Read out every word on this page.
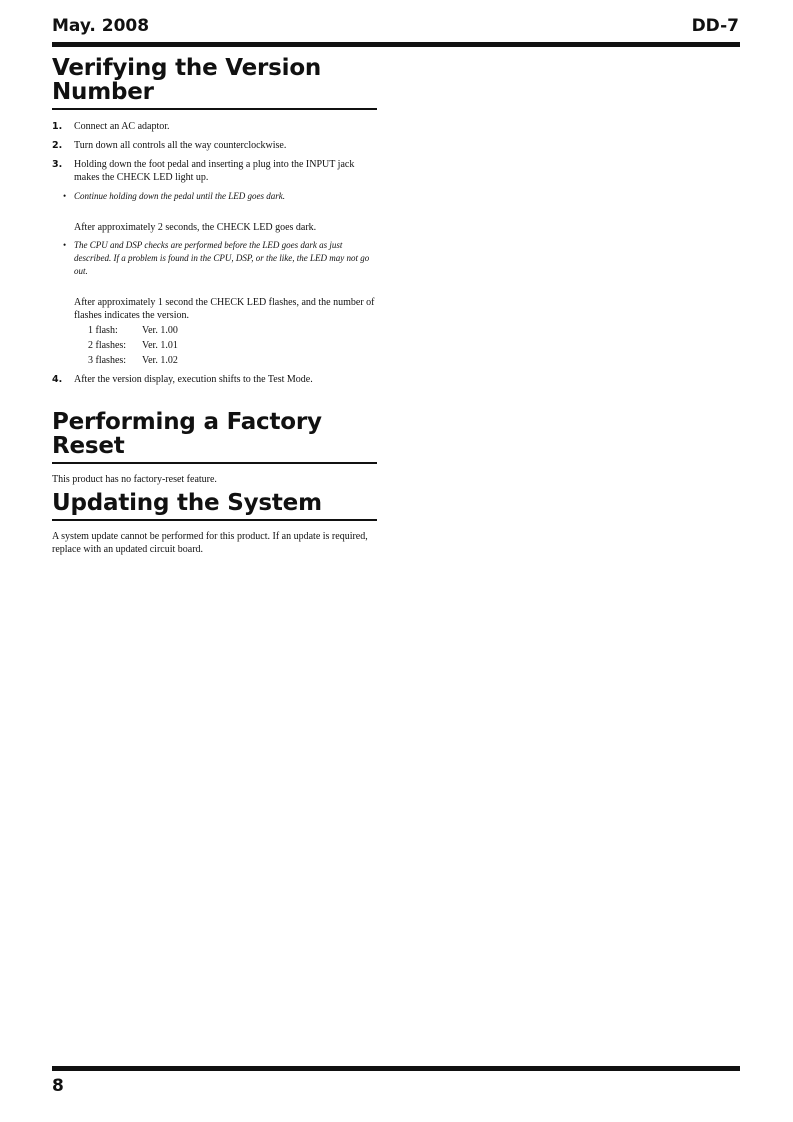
May. 2008	DD-7
Verifying the Version
Number
1. Connect an AC adaptor.
2. Turn down all controls all the way counterclockwise.
3. Holding down the foot pedal and inserting a plug into the INPUT jack makes the CHECK LED light up.
• Continue holding down the pedal until the LED goes dark.
After approximately 2 seconds, the CHECK LED goes dark.
• The CPU and DSP checks are performed before the LED goes dark as just described. If a problem is found in the CPU, DSP, or the like, the LED may not go out.
After approximately 1 second the CHECK LED flashes, and the number of flashes indicates the version.
1 flash: Ver. 1.00
2 flashes: Ver. 1.01
3 flashes: Ver. 1.02
4. After the version display, execution shifts to the Test Mode.
Performing a Factory Reset
This product has no factory-reset feature.
Updating the System
A system update cannot be performed for this product. If an update is required, replace with an updated circuit board.
8
